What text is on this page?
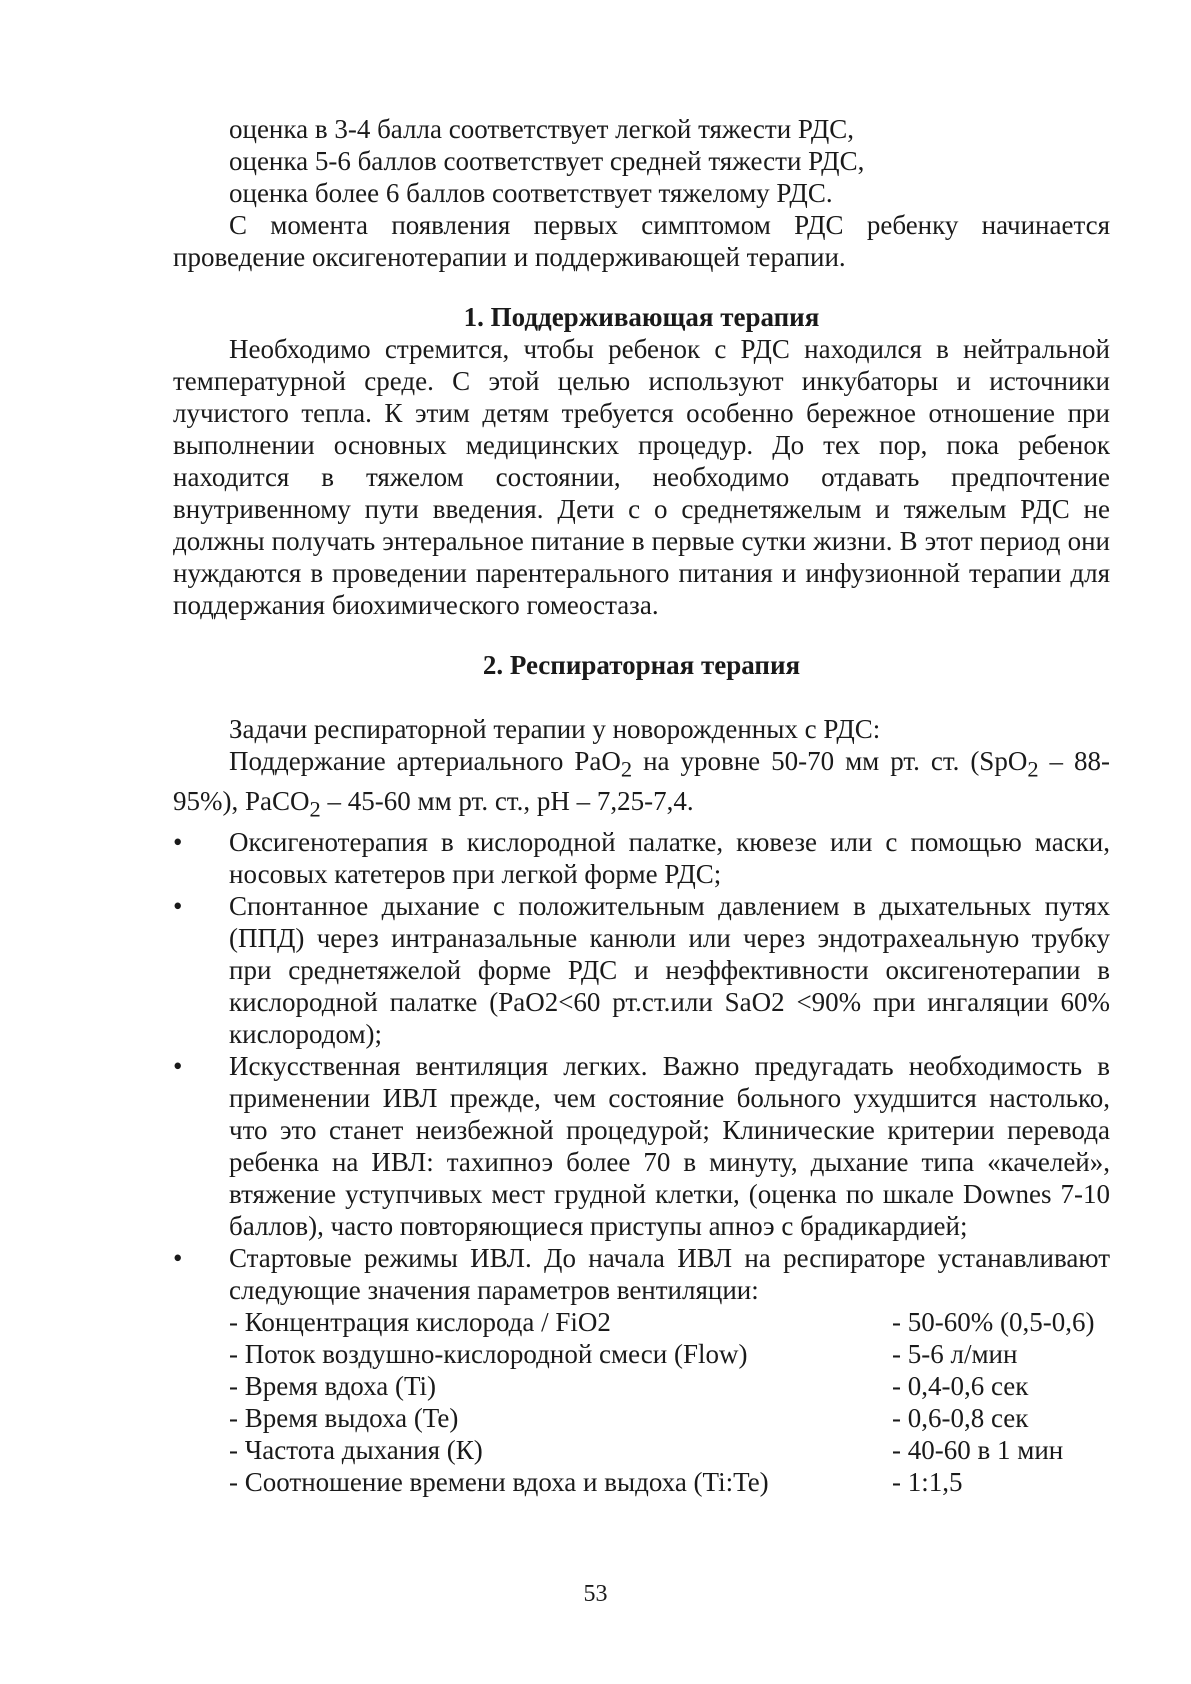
оценка в 3-4 балла соответствует легкой тяжести РДС,
оценка 5-6 баллов соответствует средней тяжести РДС,
оценка более 6 баллов соответствует тяжелому РДС.

С момента появления первых симптомом РДС ребенку начинается проведение оксигенотерапии и поддерживающей терапии.

1. Поддерживающая терапия

Необходимо стремится, чтобы ребенок с РДС находился в нейтральной температурной среде. С этой целью используют инкубаторы и источники лучистого тепла. К этим детям требуется особенно бережное отношение при выполнении основных медицинских процедур. До тех пор, пока ребенок находится в тяжелом состоянии, необходимо отдавать предпочтение внутривенному пути введения. Дети с о среднетяжелым и тяжелым РДС не должны получать энтеральное питание в первые сутки жизни. В этот период они нуждаются в проведении парентерального питания и инфузионной терапии для поддержания биохимического гомеостаза.

2. Респираторная терапия

Задачи респираторной терапии у новорожденных с РДС:

Поддержание артериального PaO$_2$ на уровне 50-70 мм рт. ст. (SpO$_2$ – 88-95%), PaCO$_2$ – 45-60 мм рт. ст., pH – 7,25-7,4.

•	Оксигенотерапия в кислородной палатке, кювезе или с помощью маски, носовых катетеров при легкой форме РДС;
•	Спонтанное дыхание с положительным давлением в дыхательных путях (ППД) через интраназальные канюли или через эндотрахеальную трубку при среднетяжелой форме РДС и неэффективности оксигенотерапии в кислородной палатке (PaO2<60 рт.ст.или SaO2 <90% при ингаляции 60% кислородом);
•	Искусственная вентиляция легких. Важно предугадать необходимость в применении ИВЛ прежде, чем состояние больного ухудшится настолько, что это станет неизбежной процедурой; Клинические критерии перевода ребенка на ИВЛ: тахипноэ более 70 в минуту, дыхание типа «качелей», втяжение уступчивых мест грудной клетки, (оценка по шкале Downes 7-10 баллов), часто повторяющиеся приступы апноэ с брадикардией;
•	Стартовые режимы ИВЛ. До начала ИВЛ на респираторе устанавливают следующие значения параметров вентиляции:
- Концентрация кислорода / FiO2	- 50-60% (0,5-0,6)
- Поток воздушно-кислородной смеси (Flow)	- 5-6 л/мин
- Время вдоха (Ti)	- 0,4-0,6 сек
- Время выдоха (Te)	- 0,6-0,8 сек
- Частота дыхания (К)	- 40-60 в 1 мин
- Соотношение времени вдоха и выдоха (Ti:Te)	- 1:1,5
53
